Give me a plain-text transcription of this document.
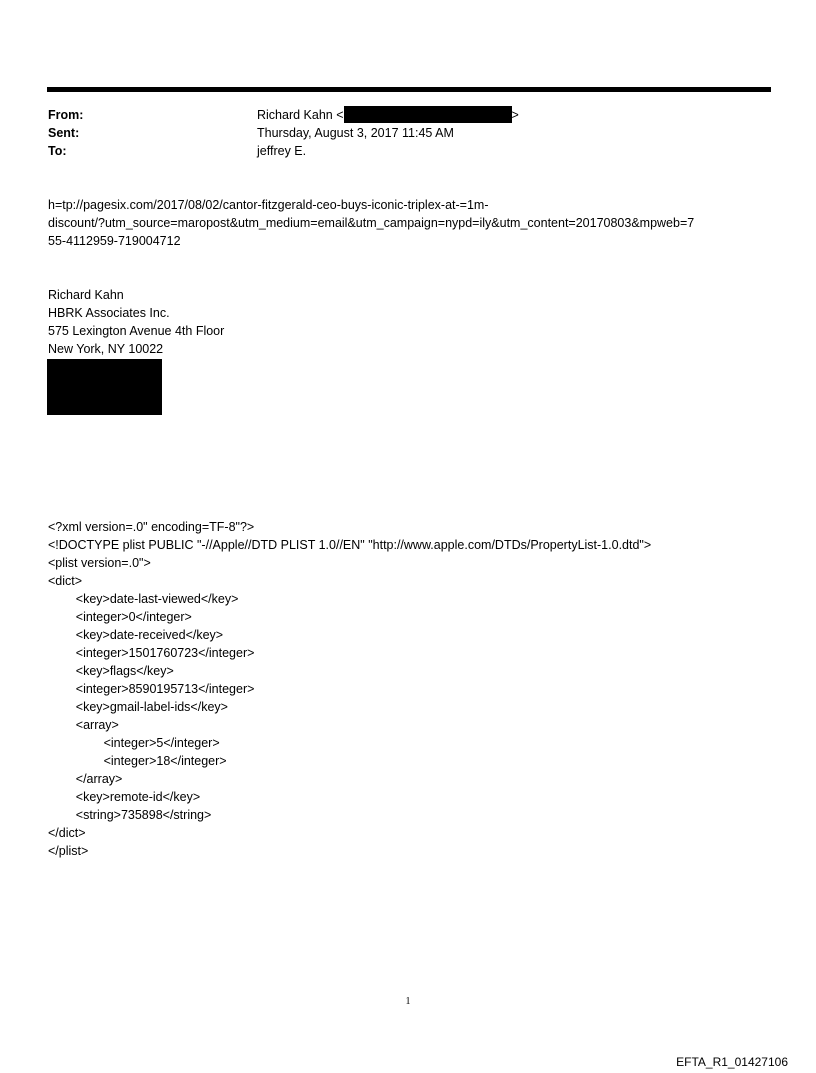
From:	Richard Kahn <	>
Sent:	Thursday, August 3, 2017 11:45 AM
To:	jeffrey E.
h=tp://pagesix.com/2017/08/02/cantor-fitzgerald-ceo-buys-iconic-triplex-at-=1m-
discount/?utm_source=maropost&utm_medium=email&utm_campaign=nypd=ily&utm_content=20170803&mpweb=7
55-4112959-719004712
Richard Kahn
HBRK Associates Inc.
575 Lexington Avenue 4th Floor
New York, NY 10022
<?xml version=.0" encoding=TF-8"?>
<!DOCTYPE plist PUBLIC "-//Apple//DTD PLIST 1.0//EN" "http://www.apple.com/DTDs/PropertyList-1.0.dtd">
<plist version=.0">
<dict>
<key>date-last-viewed</key>
<integer>0</integer>
<key>date-received</key>
<integer>1501760723</integer>
<key>flags</key>
<integer>8590195713</integer>
<key>gmail-label-ids</key>
<array>
<integer>5</integer>
<integer>18</integer>
</array>
<key>remote-id</key>
<string>735898</string>
</dict>
</plist>
1
EFTA_R1_01427106
